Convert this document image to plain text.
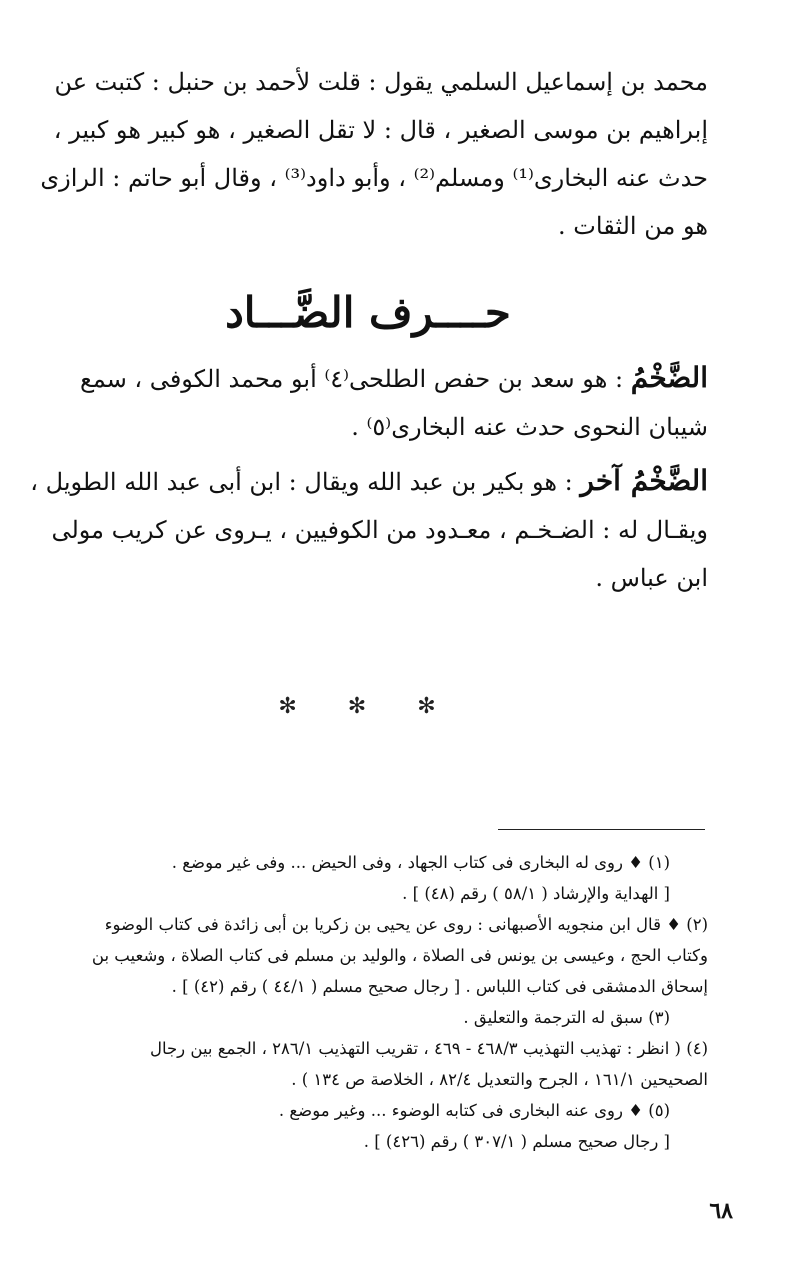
محمد بن إسماعيل السلمي يقول : قلت لأحمد بن حنبل : كتبت عن
إبراهيم بن موسى الصغير ، قال : لا تقل الصغير ، هو كبير هو كبير ،
حدث عنه البخارى⁽¹⁾ ومسلم⁽²⁾ ، وأبو داود⁽³⁾ ، وقال أبو حاتم : الرازى
هو من الثقات .

حــــرف الضَّـــاد
الضَّخْمُ : هو سعد بن حفص الطلحى⁽٤⁾ أبو محمد الكوفى ، سمع
شيبان النحوى حدث عنه البخارى⁽٥⁾ .
الضَّخْمُ آخر : هو بكير بن عبد الله ويقال : ابن أبى عبد الله الطويل ،
ويقـال له : الضـخـم ، معـدود من الكوفيين ، يـروى عن كريب مولى
ابن عباس .
✻ ✻ ✻
(١) ♦ روى له البخارى فى كتاب الجهاد ، وفى الحيض ... وفى غير موضع .
[ الهداية والإرشاد ( ٥٨/١ ) رقم (٤٨) ] .
(٢) ♦ قال ابن منجويه الأصبهانى : روى عن يحيى بن زكريا بن أبى زائدة فى كتاب الوضوء
وكتاب الحج ، وعيسى بن يونس فى الصلاة ، والوليد بن مسلم فى كتاب الصلاة ، وشعيب بن
إسحاق الدمشقى فى كتاب اللباس . [ رجال صحيح مسلم ( ٤٤/١ ) رقم (٤٢) ] .
(٣) سبق له الترجمة والتعليق .
(٤) ( انظر : تهذيب التهذيب ٤٦٨/٣ - ٤٦٩ ، تقريب التهذيب ٢٨٦/١ ، الجمع بين رجال
الصحيحين ١٦١/١ ، الجرح والتعديل ٨٢/٤ ، الخلاصة ص ١٣٤ ) .
(٥) ♦ روى عنه البخارى فى كتابه الوضوء ... وغير موضع .
[ رجال صحيح مسلم ( ٣٠٧/١ ) رقم (٤٢٦) ] .
٦٨
